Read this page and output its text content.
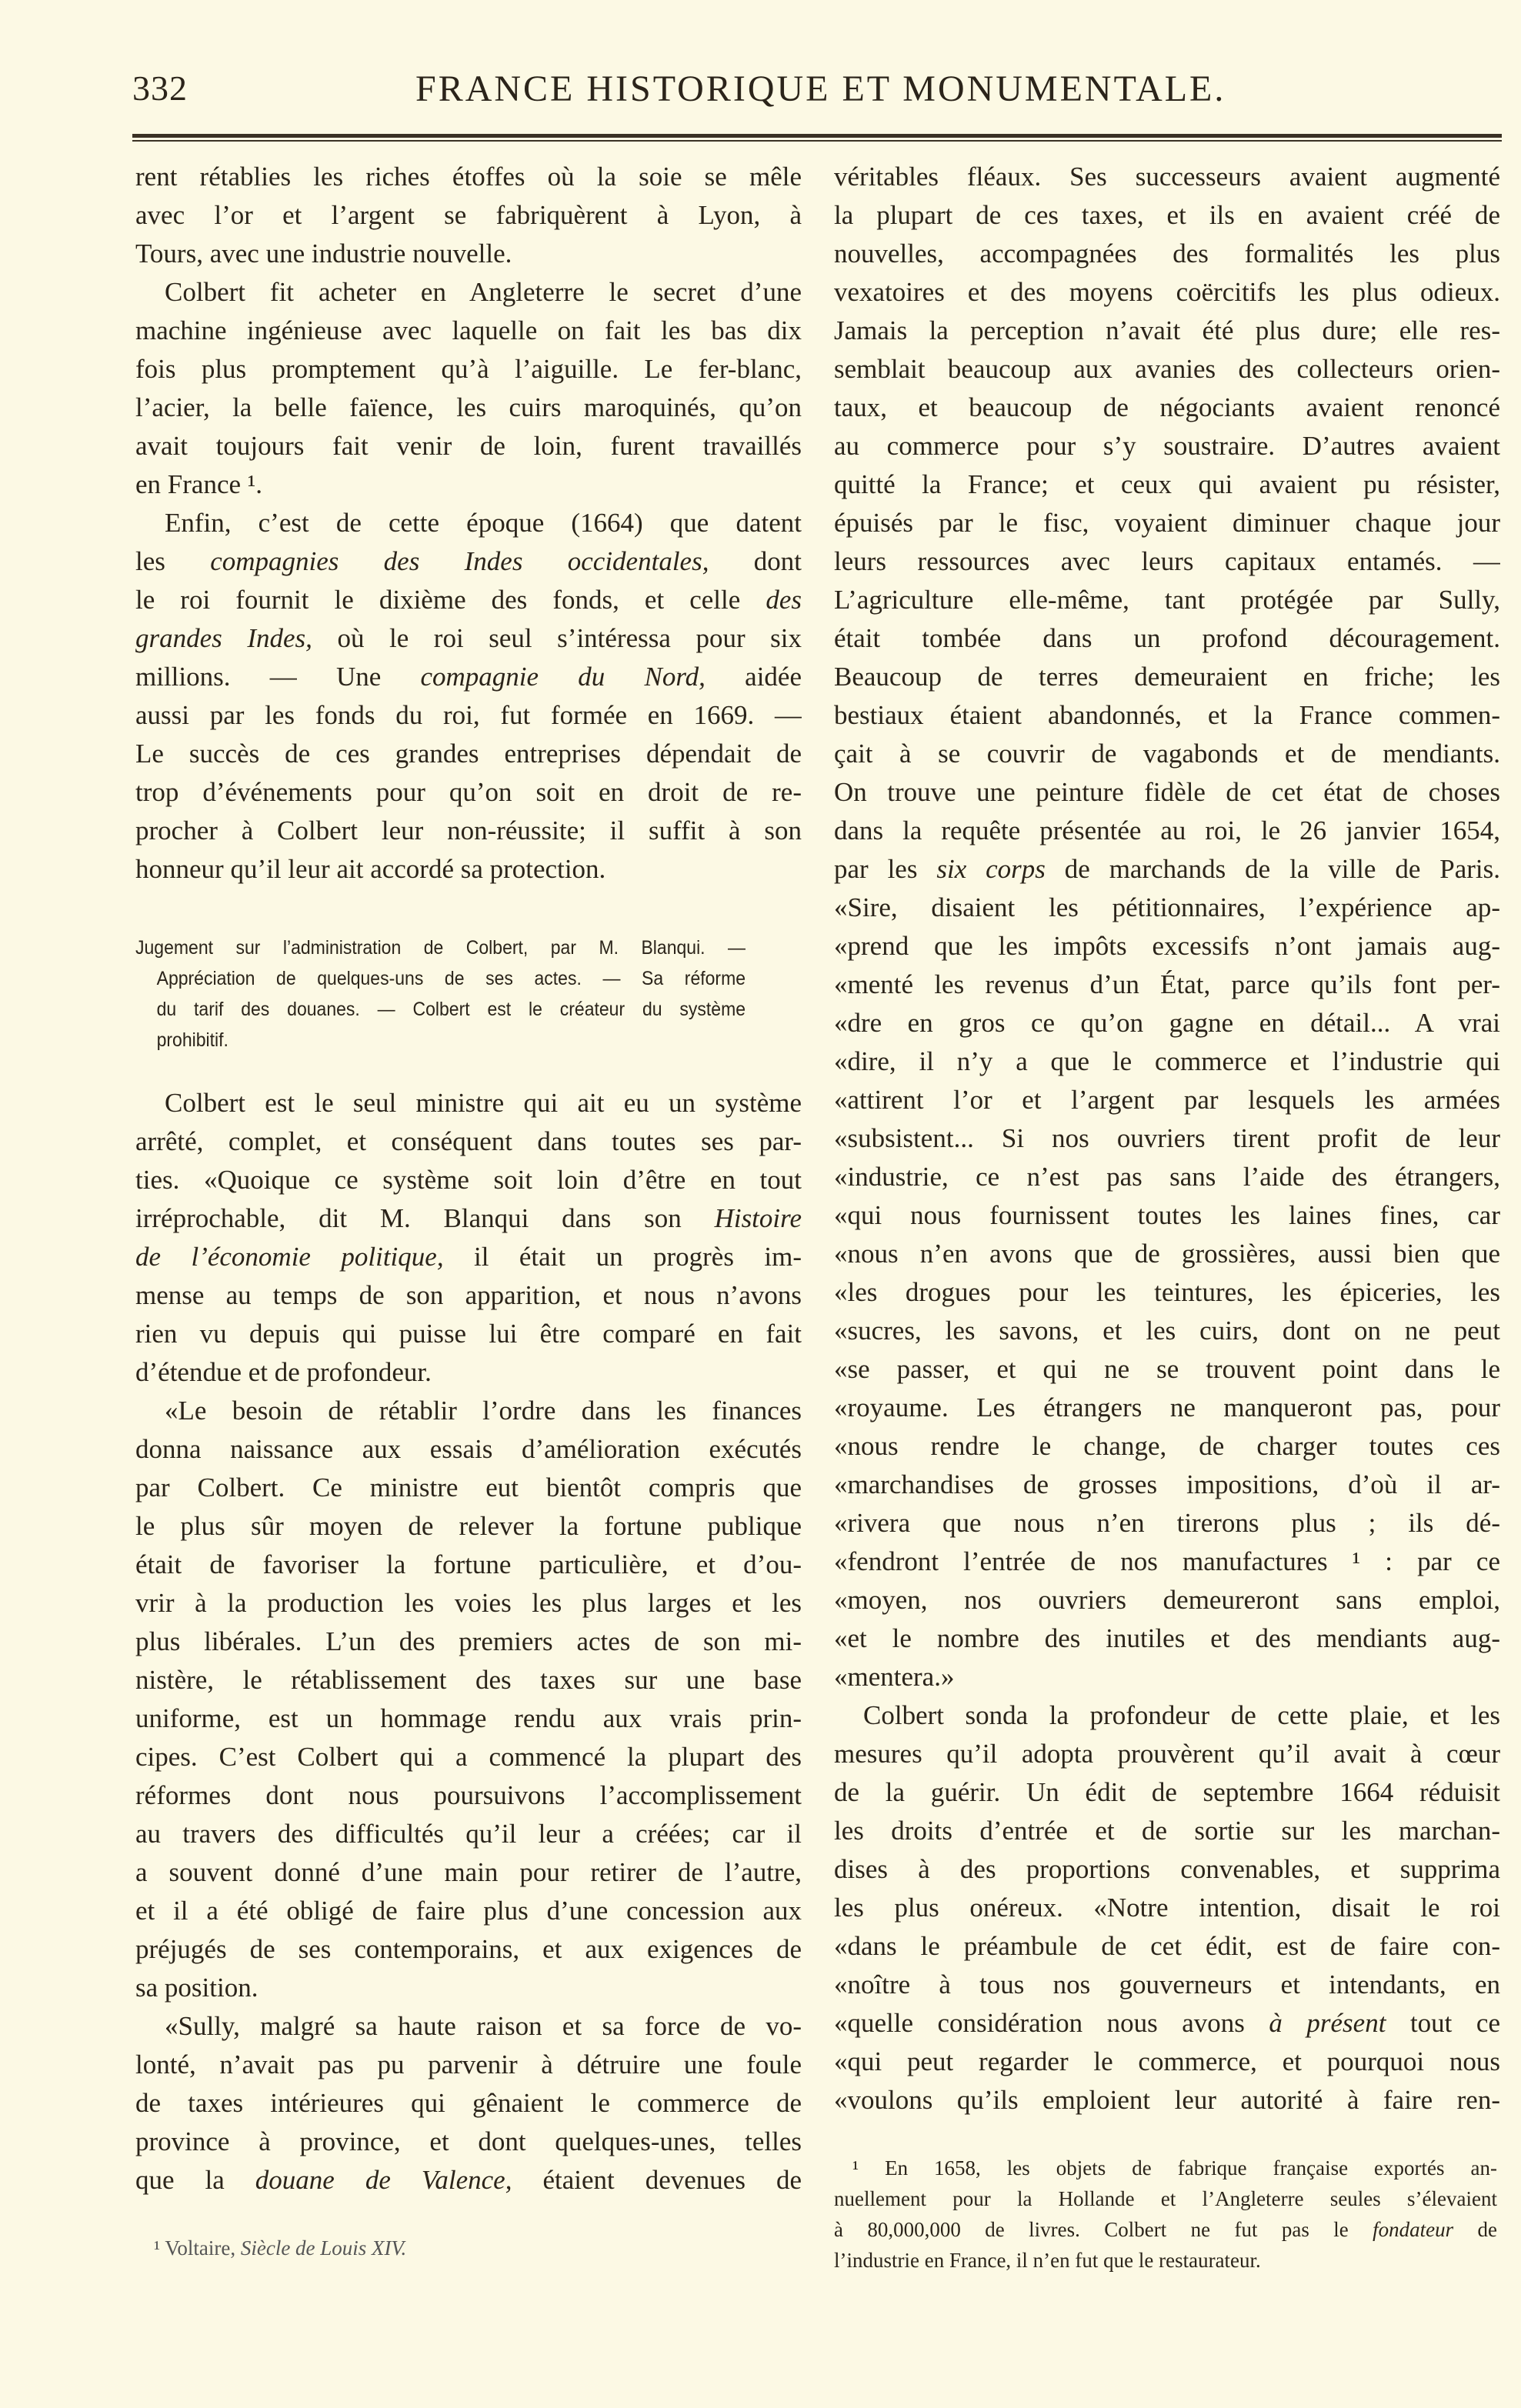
332	FRANCE HISTORIQUE ET MONUMENTALE.
rent rétablies les riches étoffes où la soie se mêle
avec l’or et l’argent se fabriquèrent à Lyon, à
Tours, avec une industrie nouvelle.
Colbert fit acheter en Angleterre le secret d’une
machine ingénieuse avec laquelle on fait les bas dix
fois plus promptement qu’à l’aiguille. Le fer-blanc,
l’acier, la belle faïence, les cuirs maroquinés, qu’on
avait toujours fait venir de loin, furent travaillés
en France ¹.
Enfin, c’est de cette époque (1664) que datent
les compagnies des Indes occidentales, dont
le roi fournit le dixième des fonds, et celle des
grandes Indes, où le roi seul s’intéressa pour six
millions. — Une compagnie du Nord, aidée
aussi par les fonds du roi, fut formée en 1669. —
Le succès de ces grandes entreprises dépendait de
trop d’événements pour qu’on soit en droit de re-
procher à Colbert leur non-réussite; il suffit à son
honneur qu’il leur ait accordé sa protection.
Jugement sur l’administration de Colbert, par M. Blanqui. —
Appréciation de quelques-uns de ses actes. — Sa réforme
du tarif des douanes. — Colbert est le créateur du système
prohibitif.
Colbert est le seul ministre qui ait eu un système
arrêté, complet, et conséquent dans toutes ses par-
ties. «Quoique ce système soit loin d’être en tout
irréprochable, dit M. Blanqui dans son Histoire
de l’économie politique, il était un progrès im-
mense au temps de son apparition, et nous n’avons
rien vu depuis qui puisse lui être comparé en fait
d’étendue et de profondeur.
«Le besoin de rétablir l’ordre dans les finances
donna naissance aux essais d’amélioration exécutés
par Colbert. Ce ministre eut bientôt compris que
le plus sûr moyen de relever la fortune publique
était de favoriser la fortune particulière, et d’ou-
vrir à la production les voies les plus larges et les
plus libérales. L’un des premiers actes de son mi-
nistère, le rétablissement des taxes sur une base
uniforme, est un hommage rendu aux vrais prin-
cipes. C’est Colbert qui a commencé la plupart des
réformes dont nous poursuivons l’accomplissement
au travers des difficultés qu’il leur a créées; car il
a souvent donné d’une main pour retirer de l’autre,
et il a été obligé de faire plus d’une concession aux
préjugés de ses contemporains, et aux exigences de
sa position.
«Sully, malgré sa haute raison et sa force de vo-
lonté, n’avait pas pu parvenir à détruire une foule
de taxes intérieures qui gênaient le commerce de
province à province, et dont quelques-unes, telles
que la douane de Valence, étaient devenues de
¹ Voltaire, Siècle de Louis XIV.
véritables fléaux. Ses successeurs avaient augmenté
la plupart de ces taxes, et ils en avaient créé de
nouvelles, accompagnées des formalités les plus
vexatoires et des moyens coërcitifs les plus odieux.
Jamais la perception n’avait été plus dure; elle res-
semblait beaucoup aux avanies des collecteurs orien-
taux, et beaucoup de négociants avaient renoncé
au commerce pour s’y soustraire. D’autres avaient
quitté la France; et ceux qui avaient pu résister,
épuisés par le fisc, voyaient diminuer chaque jour
leurs ressources avec leurs capitaux entamés. —
L’agriculture elle-même, tant protégée par Sully,
était tombée dans un profond découragement.
Beaucoup de terres demeuraient en friche; les
bestiaux étaient abandonnés, et la France commen-
çait à se couvrir de vagabonds et de mendiants.
On trouve une peinture fidèle de cet état de choses
dans la requête présentée au roi, le 26 janvier 1654,
par les six corps de marchands de la ville de Paris.
«Sire, disaient les pétitionnaires, l’expérience ap-
«prend que les impôts excessifs n’ont jamais aug-
«menté les revenus d’un État, parce qu’ils font per-
«dre en gros ce qu’on gagne en détail... A vrai
«dire, il n’y a que le commerce et l’industrie qui
«attirent l’or et l’argent par lesquels les armées
«subsistent... Si nos ouvriers tirent profit de leur
«industrie, ce n’est pas sans l’aide des étrangers,
«qui nous fournissent toutes les laines fines, car
«nous n’en avons que de grossières, aussi bien que
«les drogues pour les teintures, les épiceries, les
«sucres, les savons, et les cuirs, dont on ne peut
«se passer, et qui ne se trouvent point dans le
«royaume. Les étrangers ne manqueront pas, pour
«nous rendre le change, de charger toutes ces
«marchandises de grosses impositions, d’où il ar-
«rivera que nous n’en tirerons plus ; ils dé-
«fendront l’entrée de nos manufactures ¹ : par ce
«moyen, nos ouvriers demeureront sans emploi,
«et le nombre des inutiles et des mendiants aug-
«mentera.»
Colbert sonda la profondeur de cette plaie, et les
mesures qu’il adopta prouvèrent qu’il avait à cœur
de la guérir. Un édit de septembre 1664 réduisit
les droits d’entrée et de sortie sur les marchan-
dises à des proportions convenables, et supprima
les plus onéreux. «Notre intention, disait le roi
«dans le préambule de cet édit, est de faire con-
«noître à tous nos gouverneurs et intendants, en
«quelle considération nous avons à présent tout ce
«qui peut regarder le commerce, et pourquoi nous
«voulons qu’ils emploient leur autorité à faire ren-
¹ En 1658, les objets de fabrique française exportés an-
nuellement pour la Hollande et l’Angleterre seules s’élevaient
à 80,000,000 de livres. Colbert ne fut pas le fondateur de
l’industrie en France, il n’en fut que le restaurateur.
